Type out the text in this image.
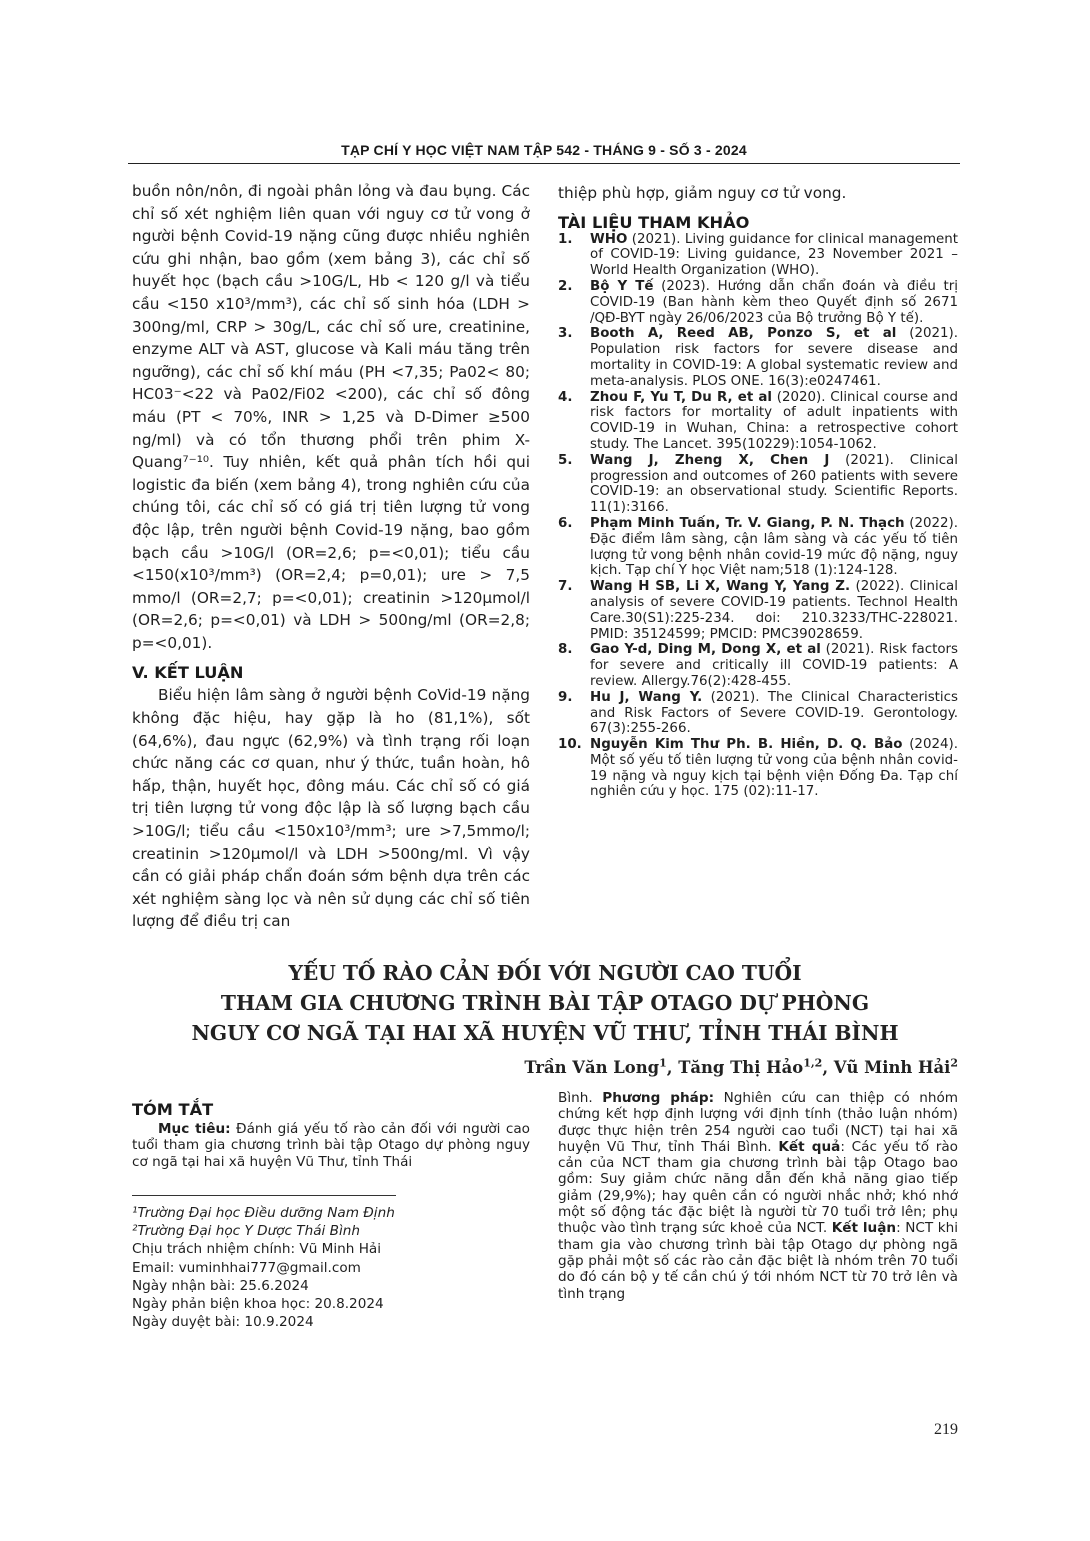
TẠP CHÍ Y HỌC VIỆT NAM TẬP 542 - THÁNG 9 - SỐ 3 - 2024

buồn nôn/nôn, đi ngoài phân lỏng và đau bụng. Các chỉ số xét nghiệm liên quan với nguy cơ tử vong ở người bệnh Covid-19 nặng cũng được nhiều nghiên cứu ghi nhận, bao gồm (xem bảng 3), các chỉ số huyết học (bạch cầu >10G/L, Hb < 120 g/l và tiểu cầu <150 x10³/mm³), các chỉ số sinh hóa (LDH > 300ng/ml, CRP > 30g/L, các chỉ số ure, creatinine, enzyme ALT và AST, glucose và Kali máu tăng trên ngưỡng), các chỉ số khí máu (PH <7,35; Pa02< 80; HC03⁻<22 và Pa02/Fi02 <200), các chỉ số đông máu (PT < 70%, INR > 1,25 và D-Dimer ≥500 ng/ml) và có tổn thương phổi trên phim X-Quang⁷⁻¹⁰. Tuy nhiên, kết quả phân tích hồi qui logistic đa biến (xem bảng 4), trong nghiên cứu của chúng tôi, các chỉ số có giá trị tiên lượng tử vong độc lập, trên người bệnh Covid-19 nặng, bao gồm bạch cầu >10G/l (OR=2,6; p=<0,01); tiểu cầu <150(x10³/mm³) (OR=2,4; p=0,01); ure > 7,5 mmo/l (OR=2,7; p=<0,01); creatinin >120µmol/l (OR=2,6; p=<0,01) và LDH > 500ng/ml (OR=2,8; p=<0,01).

V. KẾT LUẬN

Biểu hiện lâm sàng ở người bệnh CoVid-19 nặng không đặc hiệu, hay gặp là ho (81,1%), sốt (64,6%), đau ngực (62,9%) và tình trạng rối loạn chức năng các cơ quan, như ý thức, tuần hoàn, hô hấp, thận, huyết học, đông máu. Các chỉ số có giá trị tiên lượng tử vong độc lập là số lượng bạch cầu >10G/l; tiểu cầu <150x10³/mm³; ure >7,5mmo/l; creatinin >120µmol/l và LDH >500ng/ml. Vì vậy cần có giải pháp chẩn đoán sớm bệnh dựa trên các xét nghiệm sàng lọc và nên sử dụng các chỉ số tiên lượng để điều trị can

thiệp phù hợp, giảm nguy cơ tử vong.

TÀI LIỆU THAM KHẢO
1.	WHO (2021). Living guidance for clinical management of COVID-19: Living guidance, 23 November 2021 – World Health Organization (WHO).
2.	Bộ Y Tế (2023). Hướng dẫn chẩn đoán và điều trị COVID-19 (Ban hành kèm theo Quyết định số 2671 /QĐ-BYT ngày 26/06/2023 của Bộ trưởng Bộ Y tế).
3.	Booth A, Reed AB, Ponzo S, et al (2021). Population risk factors for severe disease and mortality in COVID-19: A global systematic review and meta-analysis. PLOS ONE. 16(3):e0247461.
4.	Zhou F, Yu T, Du R, et al (2020). Clinical course and risk factors for mortality of adult inpatients with COVID-19 in Wuhan, China: a retrospective cohort study. The Lancet. 395(10229):1054-1062.
5.	Wang J, Zheng X, Chen J (2021). Clinical progression and outcomes of 260 patients with severe COVID-19: an observational study. Scientific Reports. 11(1):3166.
6.	Phạm Minh Tuấn, Tr. V. Giang, P. N. Thạch (2022). Đặc điểm lâm sàng, cận lâm sàng và các yếu tố tiên lượng tử vong bệnh nhân covid-19 mức độ nặng, nguy kịch. Tạp chí Y học Việt nam;518 (1):124-128.
7.	Wang H SB, Li X, Wang Y, Yang Z. (2022). Clinical analysis of severe COVID-19 patients. Technol Health Care.30(S1):225-234. doi: 210.3233/THC-228021. PMID: 35124599; PMCID: PMC39028659.
8.	Gao Y-d, Ding M, Dong X, et al (2021). Risk factors for severe and critically ill COVID-19 patients: A review. Allergy.76(2):428-455.
9.	Hu J, Wang Y. (2021). The Clinical Characteristics and Risk Factors of Severe COVID-19. Gerontology. 67(3):255-266.
10. Nguyễn Kim Thư Ph. B. Hiền, D. Q. Bảo (2024). Một số yếu tố tiên lượng tử vong của bệnh nhân covid-19 nặng và nguy kịch tại bệnh viện Đống Đa. Tạp chí nghiên cứu y học. 175 (02):11-17.
YẾU TỐ RÀO CẢN ĐỐI VỚI NGƯỜI CAO TUỔI
THAM GIA CHƯƠNG TRÌNH BÀI TẬP OTAGO DỰ PHÒNG
NGUY CƠ NGÃ TẠI HAI XÃ HUYỆN VŨ THƯ, TỈNH THÁI BÌNH
Trần Văn Long$^1$, Tăng Thị Hảo$^{1,2}$, Vũ Minh Hải$^2$
TÓM TẮT

Mục tiêu: Đánh giá yếu tố rào cản đối với người cao tuổi tham gia chương trình bài tập Otago dự phòng nguy cơ ngã tại hai xã huyện Vũ Thư, tỉnh Thái

¹Trường Đại học Điều dưỡng Nam Định
²Trường Đại học Y Dược Thái Bình
Chịu trách nhiệm chính: Vũ Minh Hải
Email: vuminhhai777@gmail.com
Ngày nhận bài: 25.6.2024
Ngày phản biện khoa học: 20.8.2024
Ngày duyệt bài: 10.9.2024

Bình. Phương pháp: Nghiên cứu can thiệp có nhóm chứng kết hợp định lượng với định tính (thảo luận nhóm) được thực hiện trên 254 người cao tuổi (NCT) tại hai xã huyện Vũ Thư, tỉnh Thái Bình. Kết quả: Các yếu tố rào cản của NCT tham gia chương trình bài tập Otago bao gồm: Suy giảm chức năng dẫn đến khả năng giao tiếp giảm (29,9%); hay quên cần có người nhắc nhở; khó nhớ một số động tác đặc biệt là người từ 70 tuổi trở lên; phụ thuộc vào tình trạng sức khoẻ của NCT. Kết luận: NCT khi tham gia vào chương trình bài tập Otago dự phòng ngã gặp phải một số các rào cản đặc biệt là nhóm trên 70 tuổi do đó cán bộ y tế cần chú ý tới nhóm NCT từ 70 trở lên và tình trạng

219
